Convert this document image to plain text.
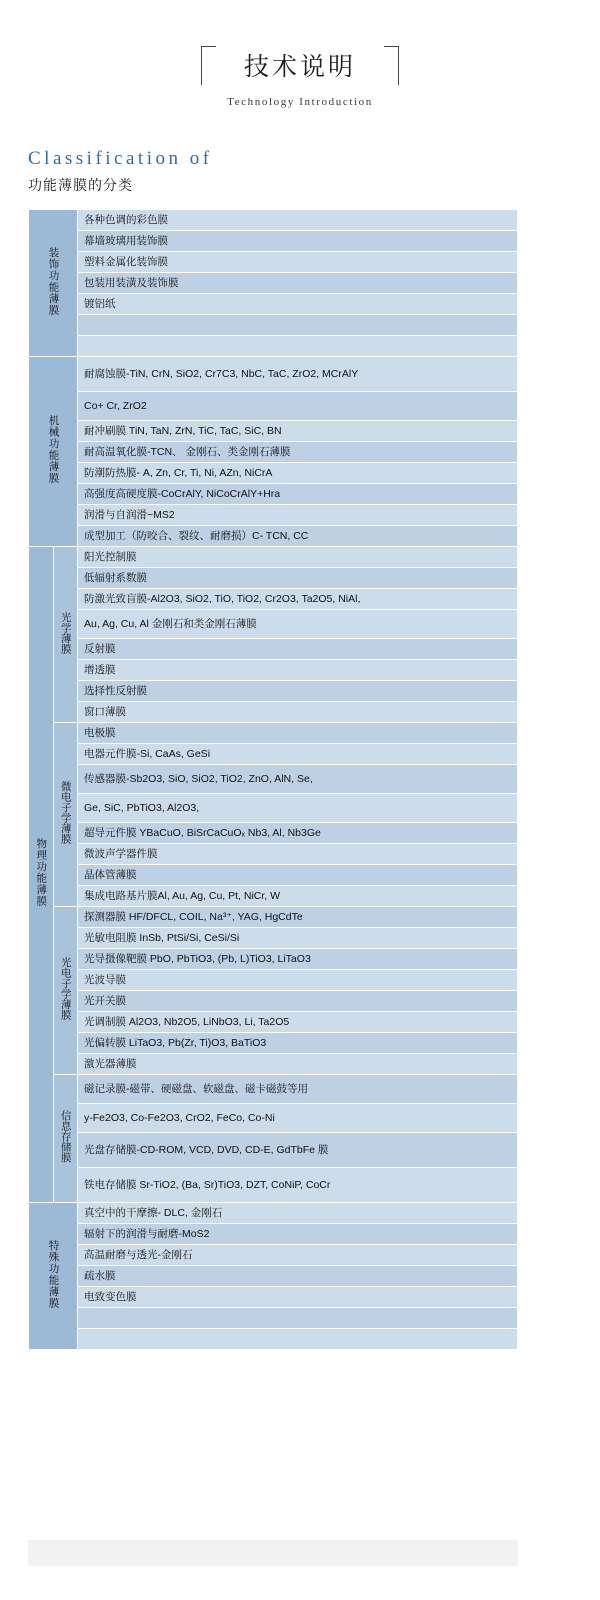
技术说明
Technology Introduction
Classification of
功能薄膜的分类
装饰功能薄膜		各种色调的彩色膜
		幕墙玻璃用装饰膜
		塑料金属化装饰膜
		包装用装潢及装饰膜
		镀铝纸

机械功能薄膜		耐腐蚀膜-TiN, CrN, SiO2, Cr7C3, NbC, TaC, ZrO2, MCrAlY
		Co+ Cr, ZrO2
		耐冲刷膜 TiN, TaN, ZrN, TiC, TaC, SiC, BN
		耐高温氧化膜-TCN、 金刚石、类金刚石薄膜
		防潮防热膜- A, Zn, Cr, Ti, Ni, AZn, NiCrA
		高强度高硬度膜-CoCrAlY, NiCoCrAlY+Hra
		润滑与自润滑~MS2
		成型加工（防咬合、裂纹、耐磨损）C- TCN, CC
物理功能薄膜	光学薄膜	阳光控制膜
		低辐射系数膜
		防激光致盲膜-Al2O3, SiO2, TiO, TiO2, Cr2O3, Ta2O5, NiAl,
		Au, Ag, Cu, Al 金刚石和类金刚石薄膜
		反射膜
		增透膜
		选择性反射膜
		窗口薄膜
	微电子学薄膜	电极膜
		电器元件膜-Si, CaAs, GeSi
		传感器膜-Sb2O3, SiO, SiO2, TiO2, ZnO, AlN, Se,
		Ge, SiC, PbTiO3, Al2O3,
		超导元件膜 YBaCuO, BiSrCaCuOₓ Nb3, Al, Nb3Ge
		微波声学器件膜
		晶体管薄膜
		集成电路基片膜Al, Au, Ag, Cu, Pt, NiCr, W
	光电子学薄膜	探测器膜 HF/DFCL, COIL, Na³⁺, YAG, HgCdTe
		光敏电阻膜 InSb, PtSi/Si, CeSi/Si
		光导摄像靶膜 PbO, PbTiO3, (Pb, L)TiO3, LiTaO3
		光波导膜
		光开关膜
		光调制膜 Al2O3, Nb2O5, LiNbO3, Li, Ta2O5
		光偏转膜 LiTaO3, Pb(Zr, Ti)O3, BaTiO3
		激光器薄膜
	信息存储膜	磁记录膜-磁带、硬磁盘、软磁盘、磁卡磁鼓等用
		y-Fe2O3, Co-Fe2O3, CrO2, FeCo, Co-Ni
		光盘存储膜-CD-ROM, VCD, DVD, CD-E, GdTbFe 膜
		铁电存储膜 Sr-TiO2, (Ba, Sr)TiO3, DZT, CoNiP, CoCr
特殊功能薄膜		真空中的干摩擦- DLC, 金刚石
		辐射下的润滑与耐磨-MoS2
		高温耐磨与透光-金刚石
		疏水膜
		电致变色膜
